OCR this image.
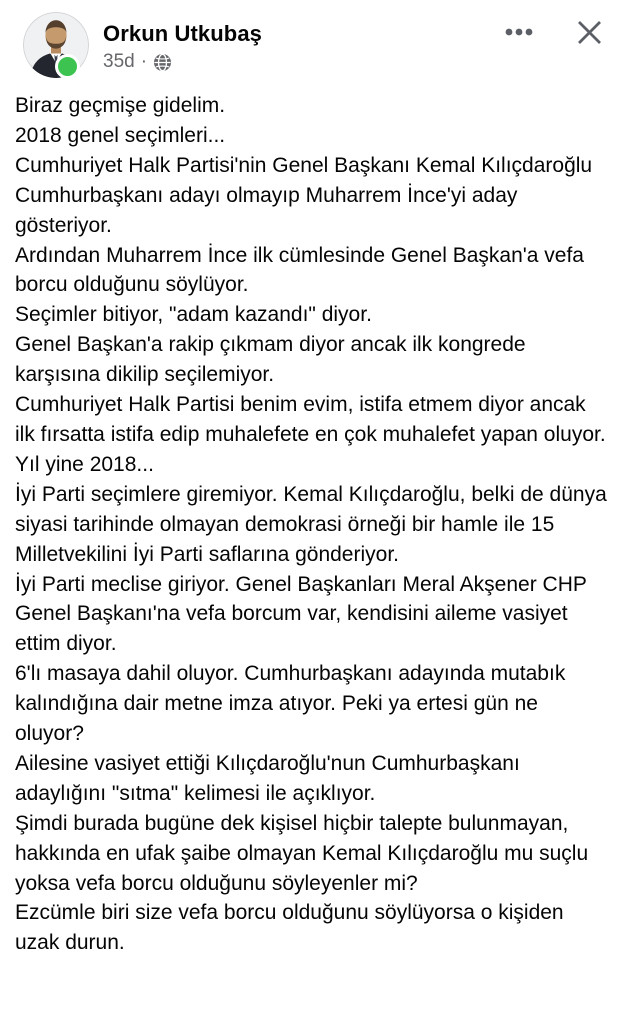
Orkun Utkubaş
35d ·

Biraz geçmişe gidelim.

2018 genel seçimleri...

Cumhuriyet Halk Partisi'nin Genel Başkanı Kemal Kılıçdaroğlu Cumhurbaşkanı adayı olmayıp Muharrem İnce'yi aday gösteriyor.

Ardından Muharrem İnce ilk cümlesinde Genel Başkan'a vefa borcu olduğunu söylüyor.

Seçimler bitiyor, "adam kazandı" diyor.

Genel Başkan'a rakip çıkmam diyor ancak ilk kongrede karşısına dikilip seçilemiyor.

Cumhuriyet Halk Partisi benim evim, istifa etmem diyor ancak ilk fırsatta istifa edip muhalefete en çok muhalefet yapan oluyor.

Yıl yine 2018...

İyi Parti seçimlere giremiyor. Kemal Kılıçdaroğlu, belki de dünya siyasi tarihinde olmayan demokrasi örneği bir hamle ile 15 Milletvekilini İyi Parti saflarına gönderiyor.

İyi Parti meclise giriyor. Genel Başkanları Meral Akşener CHP Genel Başkanı'na vefa borcum var, kendisini aileme vasiyet ettim diyor.

6'lı masaya dahil oluyor. Cumhurbaşkanı adayında mutabık kalındığına dair metne imza atıyor. Peki ya ertesi gün ne oluyor?

Ailesine vasiyet ettiği Kılıçdaroğlu'nun Cumhurbaşkanı adaylığını "sıtma" kelimesi ile açıklıyor.

Şimdi burada bugüne dek kişisel hiçbir talepte bulunmayan, hakkında en ufak şaibe olmayan Kemal Kılıçdaroğlu mu suçlu yoksa vefa borcu olduğunu söyleyenler mi?

Ezcümle biri size vefa borcu olduğunu söylüyorsa o kişiden uzak durun.
